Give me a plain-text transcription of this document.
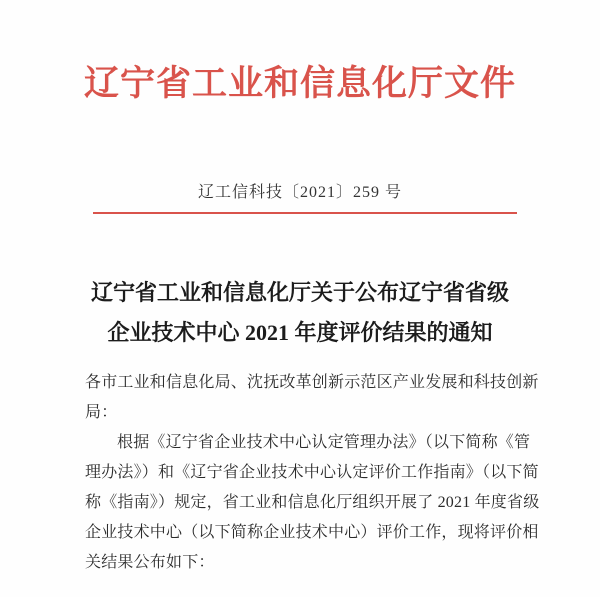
辽宁省工业和信息化厅文件
辽工信科技〔2021〕259 号
辽宁省工业和信息化厅关于公布辽宁省省级
企业技术中心 2021 年度评价结果的通知
各市工业和信息化局、沈抚改革创新示范区产业发展和科技创新
局：
根据《辽宁省企业技术中心认定管理办法》（以下简称《管
理办法》）和《辽宁省企业技术中心认定评价工作指南》（以下简
称《指南》）规定，省工业和信息化厅组织开展了 2021 年度省级
企业技术中心（以下简称企业技术中心）评价工作，现将评价相
关结果公布如下：
